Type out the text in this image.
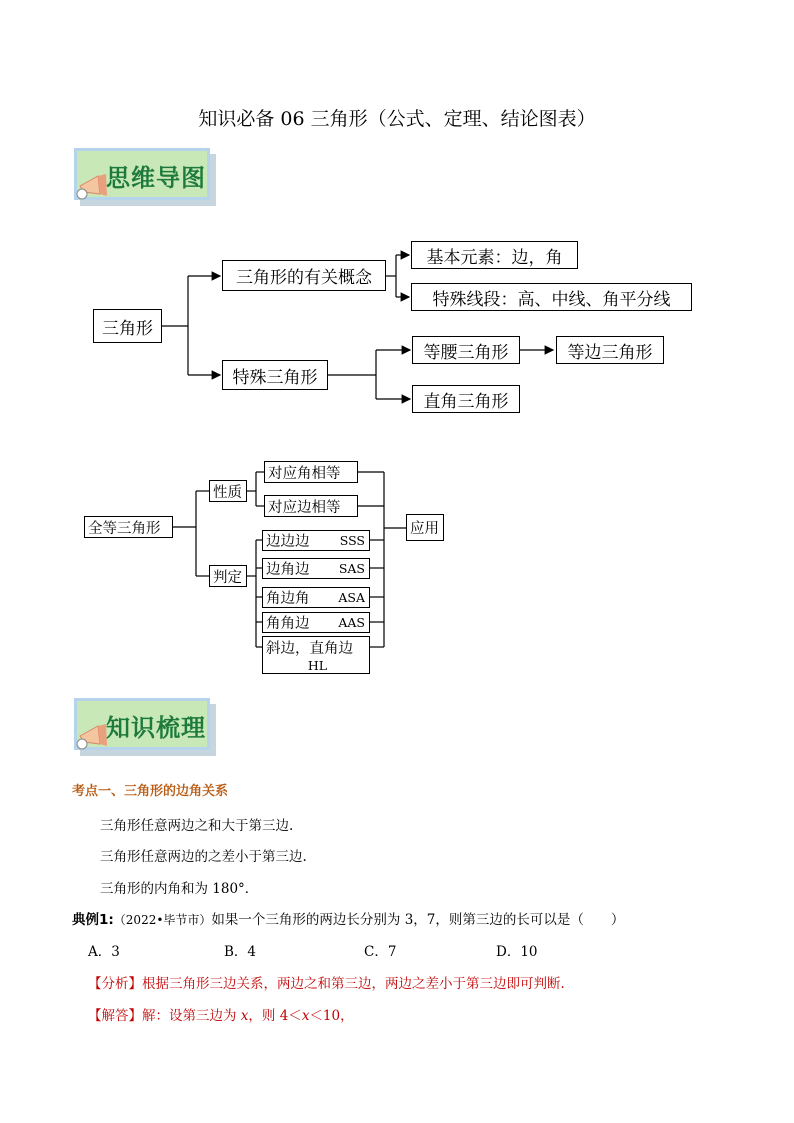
知识必备 06 三角形（公式、定理、结论图表）
思维导图
三角形
三角形的有关概念
基本元素：边，角
特殊线段：高、中线、角平分线
特殊三角形
等腰三角形	等边三角形
直角三角形
全等三角形
性质
对应角相等
对应边相等
判定
边边边 SSS
边角边 SAS
角边角 ASA
角角边 AAS
斜边，直角边
HL
应用
知识梳理
考点一、三角形的边角关系
三角形任意两边之和大于第三边.
三角形任意两边的之差小于第三边.
三角形的内角和为 180°．
典例1:（2022•毕节市）如果一个三角形的两边长分别为 3，7，则第三边的长可以是（　　）
A．3	B．4	C．7	D．10
【分析】根据三角形三边关系，两边之和第三边，两边之差小于第三边即可判断.
【解答】解：设第三边为 x，则 4＜x＜10，
